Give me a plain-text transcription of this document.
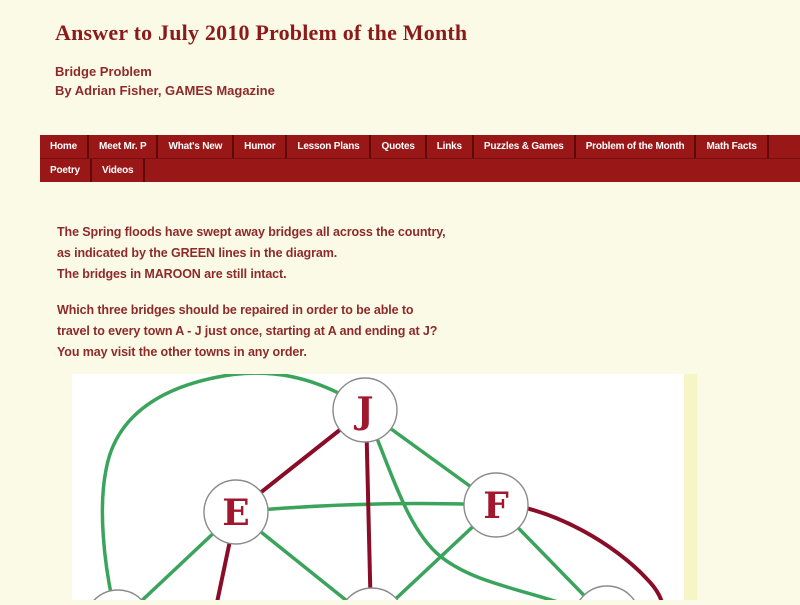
Answer to July 2010 Problem of the Month
Bridge Problem
By Adrian Fisher, GAMES Magazine
Home	Meet Mr. P	What's New	Humor	Lesson Plans	Quotes	Links	Puzzles & Games	Problem of the Month	Math Facts
Poetry	Videos
The Spring floods have swept away bridges all across the country,
as indicated by the GREEN lines in the diagram.
The bridges in MAROON are still intact.
Which three bridges should be repaired in order to be able to
travel to every town A - J just once, starting at A and ending at J?
You may visit the other towns in any order.
J
E	F
